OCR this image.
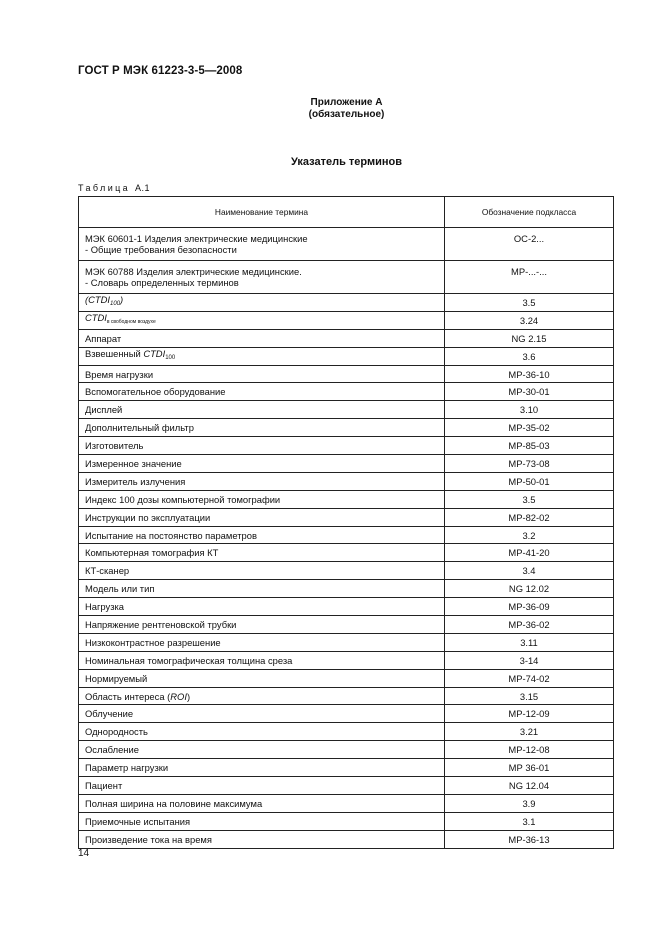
ГОСТ Р МЭК 61223-3-5—2008
Приложение А
(обязательное)
Указатель терминов
Таблица А.1
Наименование термина	Обозначение подкласса

МЭК 60601-1 Изделия электрические медицинские
- Общие требования безопасности	ОС-2...

МЭК 60788 Изделия электрические медицинские.
- Словарь определенных терминов	МР-...-...
$(CTDI_{100})$	3.5
$CTDI_{в свободном воздухе}$	3.24
Аппарат	NG 2.15
Взвешенный $CTDI_{100}$	3.6
Время нагрузки	МР-36-10
Вспомогательное оборудование	МР-30-01
Дисплей	3.10
Дополнительный фильтр	МР-35-02
Изготовитель	МР-85-03
Измеренное значение	МР-73-08
Измеритель излучения	МР-50-01
Индекс 100 дозы компьютерной томографии	3.5
Инструкции по эксплуатации	МР-82-02
Испытание на постоянство параметров	3.2
Компьютерная томография КТ	МР-41-20
КТ-сканер	3.4
Модель или тип	NG 12.02
Нагрузка	МР-36-09
Напряжение рентгеновской трубки	МР-36-02
Низкоконтрастное разрешение	3.11
Номинальная томографическая толщина среза	3-14
Нормируемый	МР-74-02
Область интереса (ROI)	3.15
Облучение	МР-12-09
Однородность	3.21
Ослабление	МР-12-08
Параметр нагрузки	МР 36-01
Пациент	NG 12.04
Полная ширина на половине максимума	3.9
Приемочные испытания	3.1
Произведение тока на время	МР-36-13
14
